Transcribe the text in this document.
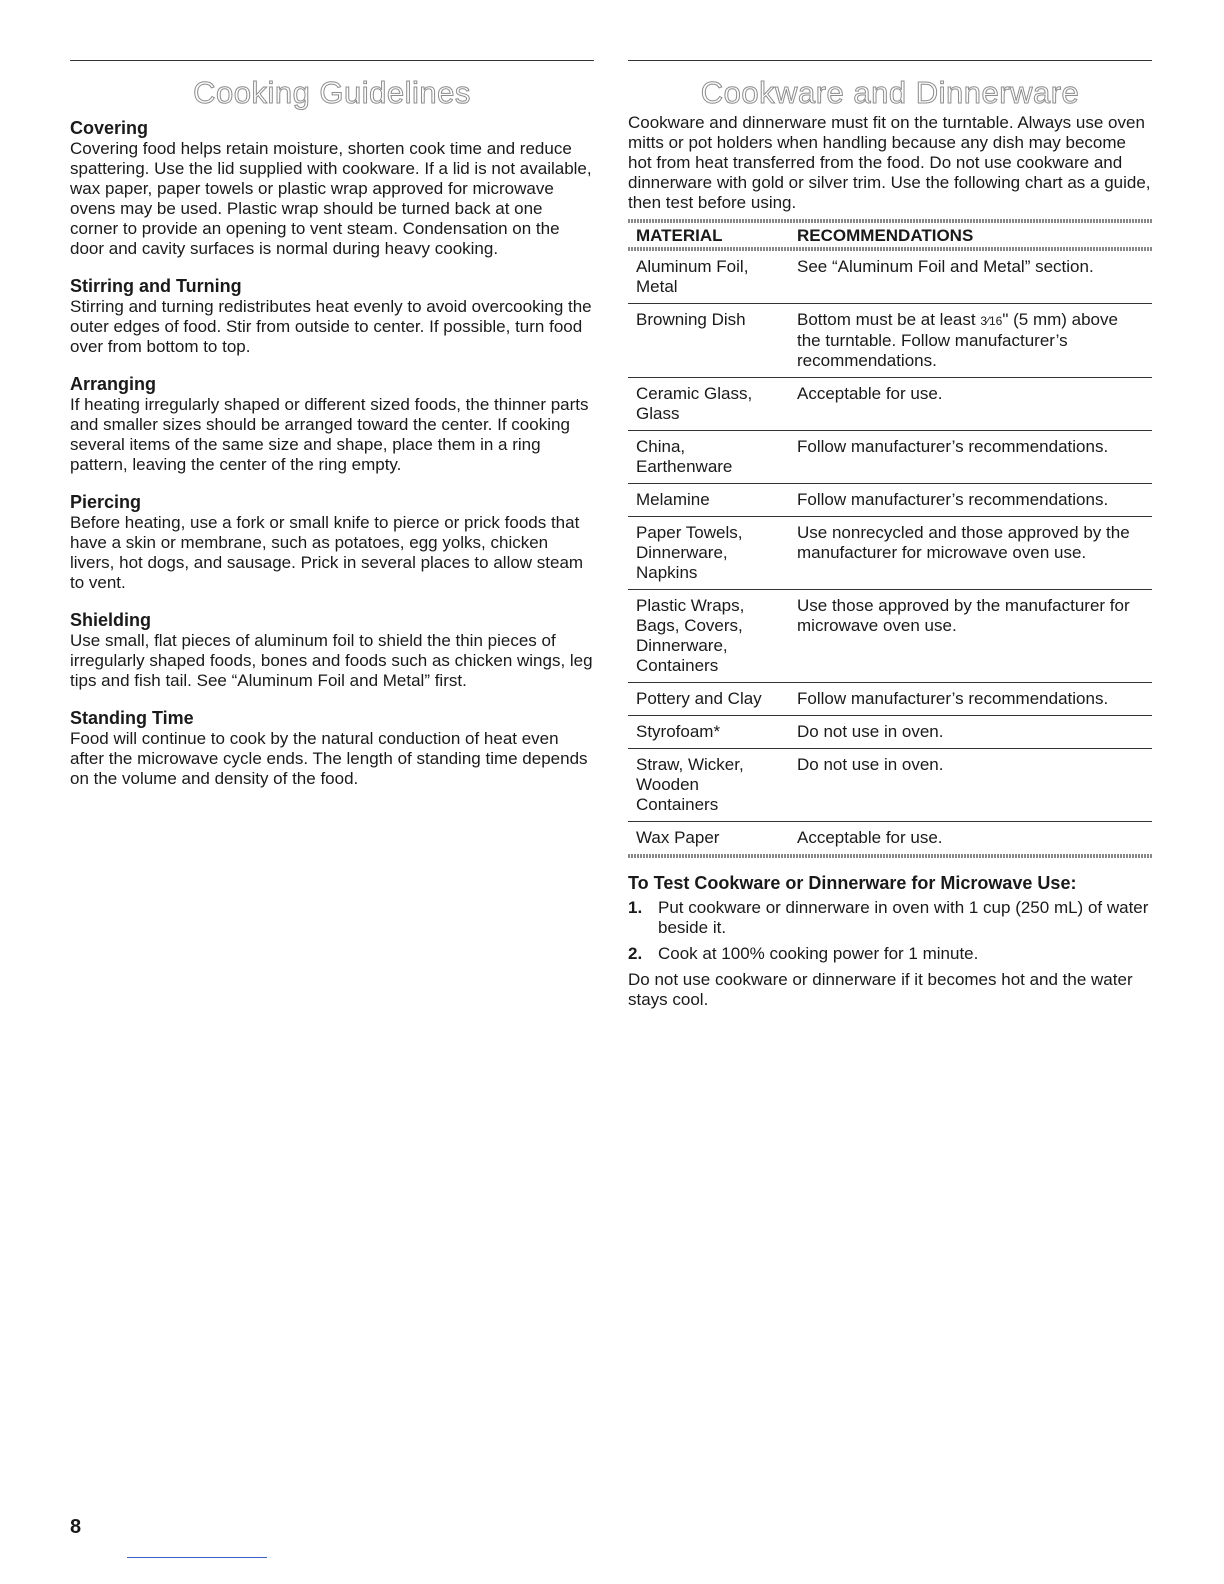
Cooking Guidelines
Covering

Covering food helps retain moisture, shorten cook time and reduce spattering. Use the lid supplied with cookware. If a lid is not available, wax paper, paper towels or plastic wrap approved for microwave ovens may be used. Plastic wrap should be turned back at one corner to provide an opening to vent steam. Condensation on the door and cavity surfaces is normal during heavy cooking.

Stirring and Turning

Stirring and turning redistributes heat evenly to avoid overcooking the outer edges of food. Stir from outside to center. If possible, turn food over from bottom to top.

Arranging

If heating irregularly shaped or different sized foods, the thinner parts and smaller sizes should be arranged toward the center. If cooking several items of the same size and shape, place them in a ring pattern, leaving the center of the ring empty.

Piercing

Before heating, use a fork or small knife to pierce or prick foods that have a skin or membrane, such as potatoes, egg yolks, chicken livers, hot dogs, and sausage. Prick in several places to allow steam to vent.

Shielding

Use small, flat pieces of aluminum foil to shield the thin pieces of irregularly shaped foods, bones and foods such as chicken wings, leg tips and fish tail. See “Aluminum Foil and Metal” first.

Standing Time

Food will continue to cook by the natural conduction of heat even after the microwave cycle ends. The length of standing time depends on the volume and density of the food.

Cookware and Dinnerware

Cookware and dinnerware must fit on the turntable. Always use oven mitts or pot holders when handling because any dish may become hot from heat transferred from the food. Do not use cookware and dinnerware with gold or silver trim. Use the following chart as a guide, then test before using.

MATERIAL	RECOMMENDATIONS

Aluminum Foil, Metal	See “Aluminum Foil and Metal” section.
Browning Dish	Bottom must be at least 3⁄16" (5 mm) above the turntable. Follow manufacturer’s recommendations.
Ceramic Glass, Glass	Acceptable for use.
China, Earthenware	Follow manufacturer’s recommendations.
Melamine	Follow manufacturer’s recommendations.
Paper Towels, Dinnerware, Napkins	Use nonrecycled and those approved by the manufacturer for microwave oven use.
Plastic Wraps, Bags, Covers, Dinnerware, Containers	Use those approved by the manufacturer for microwave oven use.
Pottery and Clay	Follow manufacturer’s recommendations.
Styrofoam*	Do not use in oven.
Straw, Wicker, Wooden Containers	Do not use in oven.
Wax Paper	Acceptable for use.
To Test Cookware or Dinnerware for Microwave Use:
1. Put cookware or dinnerware in oven with 1 cup (250 mL) of water beside it.
2. Cook at 100% cooking power for 1 minute.

Do not use cookware or dinnerware if it becomes hot and the water stays cool.

8
